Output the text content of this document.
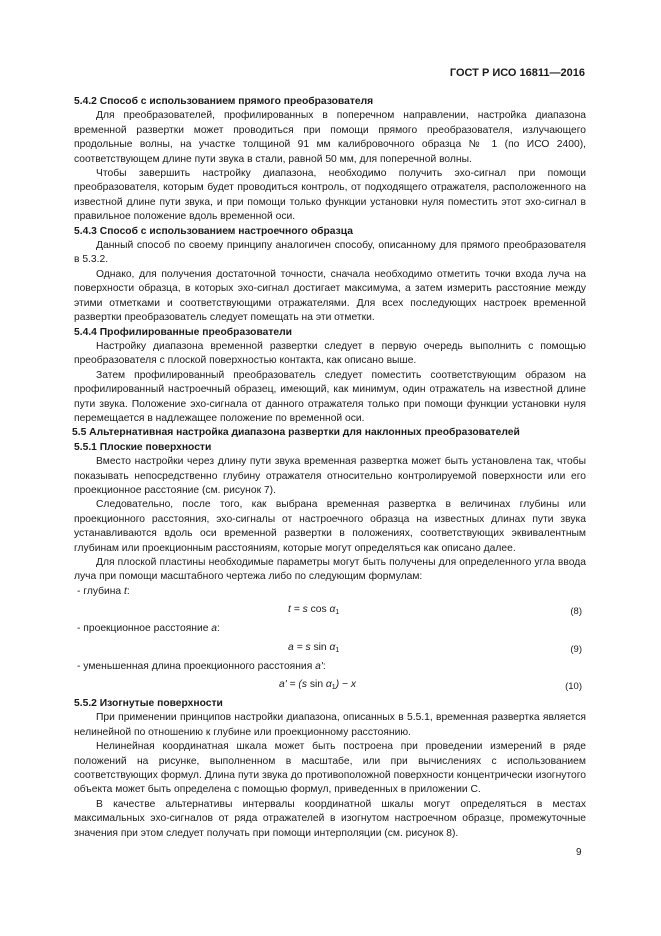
ГОСТ Р ИСО 16811—2016
5.4.2 Способ с использованием прямого преобразователя

Для преобразователей, профилированных в поперечном направлении, настройка диапазона временной развертки может проводиться при помощи прямого преобразователя, излучающего продольные волны, на участке толщиной 91 мм калибровочного образца № 1 (по ИСО 2400), соответствующем длине пути звука в стали, равной 50 мм, для поперечной волны.

Чтобы завершить настройку диапазона, необходимо получить эхо-сигнал при помощи преобразователя, которым будет проводиться контроль, от подходящего отражателя, расположенного на известной длине пути звука, и при помощи только функции установки нуля поместить этот эхо-сигнал в правильное положение вдоль временной оси.

5.4.3 Способ с использованием настроечного образца

Данный способ по своему принципу аналогичен способу, описанному для прямого преобразователя в 5.3.2.

Однако, для получения достаточной точности, сначала необходимо отметить точки входа луча на поверхности образца, в которых эхо-сигнал достигает максимума, а затем измерить расстояние между этими отметками и соответствующими отражателями. Для всех последующих настроек временной развертки преобразователь следует помещать на эти отметки.

5.4.4 Профилированные преобразователи

Настройку диапазона временной развертки следует в первую очередь выполнить с помощью преобразователя с плоской поверхностью контакта, как описано выше.

Затем профилированный преобразователь следует поместить соответствующим образом на профилированный настроечный образец, имеющий, как минимум, один отражатель на известной длине пути звука. Положение эхо-сигнала от данного отражателя только при помощи функции установки нуля перемещается в надлежащее положение по временной оси.

5.5 Альтернативная настройка диапазона развертки для наклонных преобразователей
5.5.1 Плоские поверхности

Вместо настройки через длину пути звука временная развертка может быть установлена так, чтобы показывать непосредственно глубину отражателя относительно контролируемой поверхности или его проекционное расстояние (см. рисунок 7).

Следовательно, после того, как выбрана временная развертка в величинах глубины или проекционного расстояния, эхо-сигналы от настроечного образца на известных длинах пути звука устанавливаются вдоль оси временной развертки в положениях, соответствующих эквивалентным глубинам или проекционным расстояниям, которые могут определяться как описано далее.

Для плоской пластины необходимые параметры могут быть получены для определенного угла ввода луча при помощи масштабного чертежа либо по следующим формулам:

- глубина t:
t = s $\cos \alpha_1$	(8)
- проекционное расстояние a:
a = s $\sin \alpha_1$	(9)
- уменьшенная длина проекционного расстояния a':
a' = (s $\sin \alpha_1) - x$	(10)
5.5.2 Изогнутые поверхности

При применении принципов настройки диапазона, описанных в 5.5.1, временная развертка является нелинейной по отношению к глубине или проекционному расстоянию.

Нелинейная координатная шкала может быть построена при проведении измерений в ряде положений на рисунке, выполненном в масштабе, или при вычислениях с использованием соответствующих формул. Длина пути звука до противоположной поверхности концентрически изогнутого объекта может быть определена с помощью формул, приведенных в приложении С.

В качестве альтернативы интервалы координатной шкалы могут определяться в местах максимальных эхо-сигналов от ряда отражателей в изогнутом настроечном образце, промежуточные значения при этом следует получать при помощи интерполяции (см. рисунок 8).

9
